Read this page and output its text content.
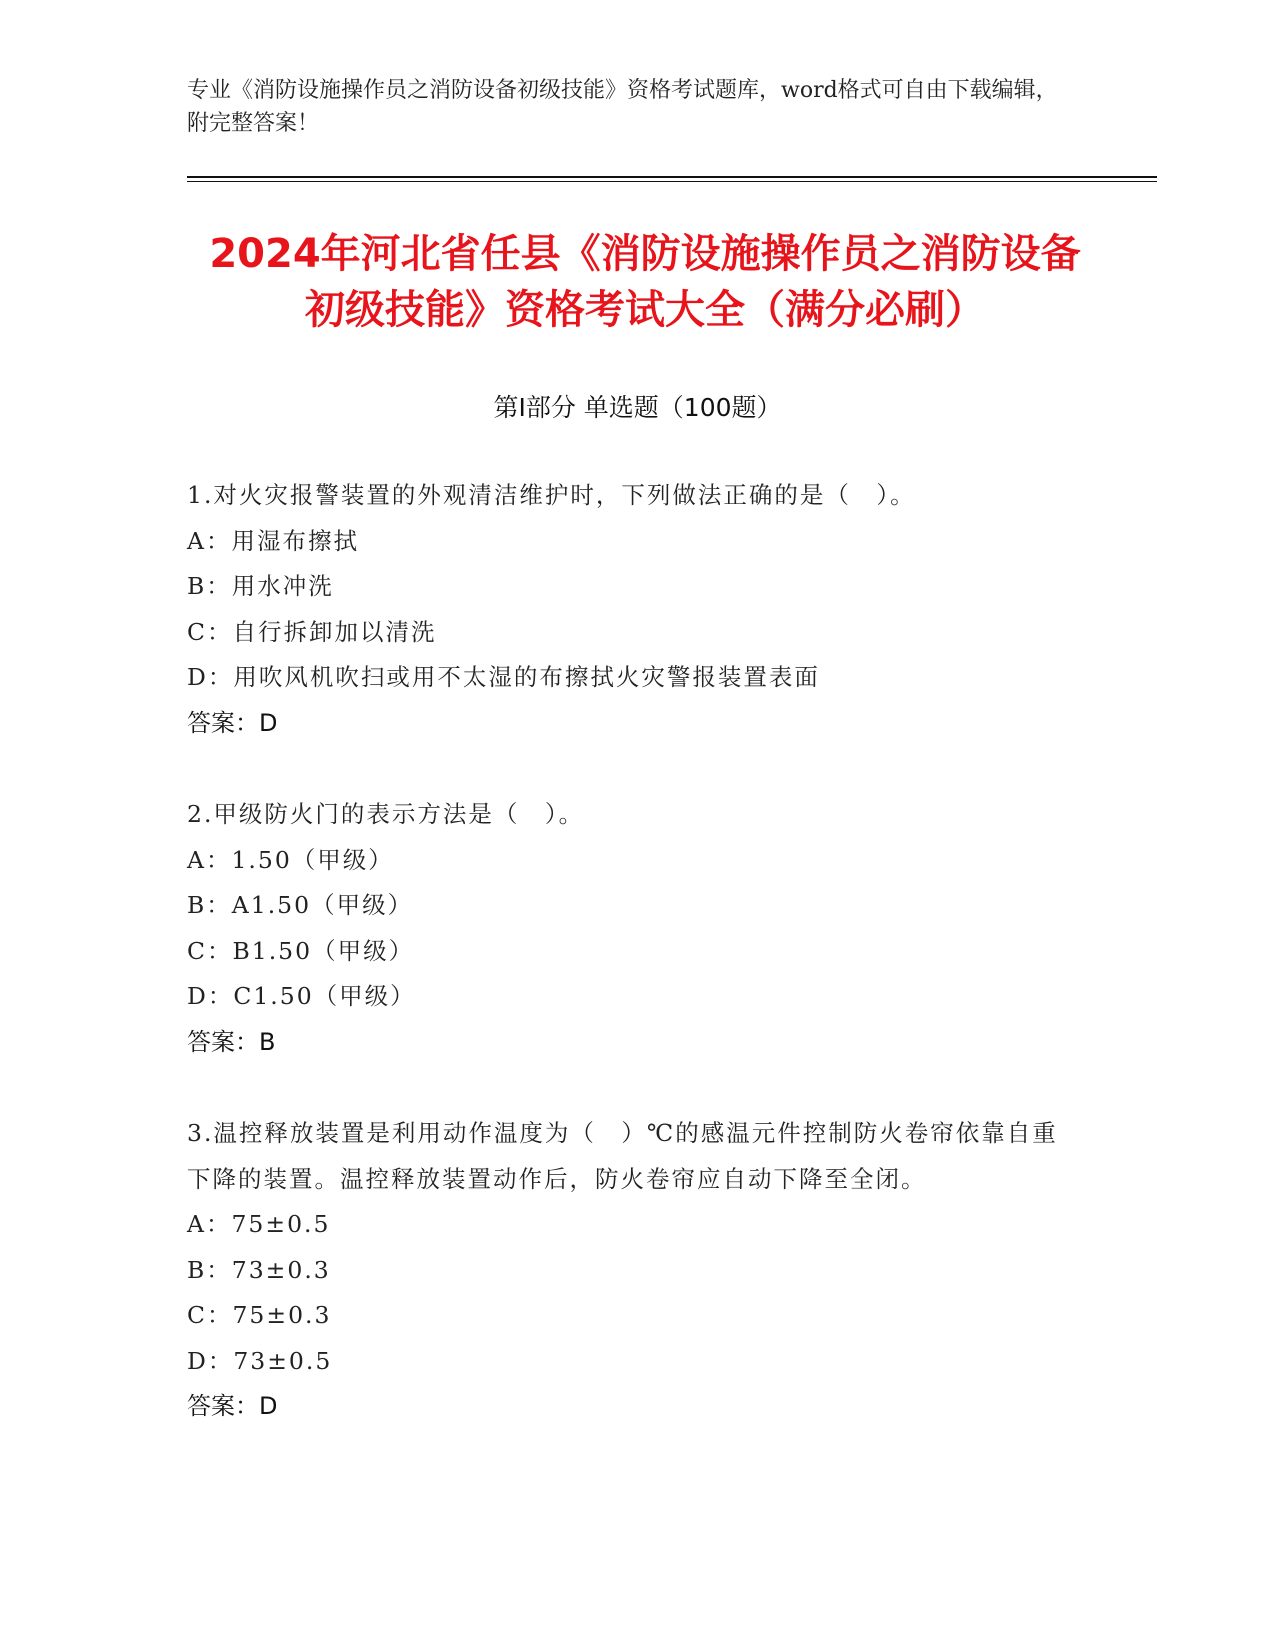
专业《消防设施操作员之消防设备初级技能》资格考试题库，word格式可自由下载编辑，附完整答案！

2024年河北省任县《消防设施操作员之消防设备初级技能》资格考试大全（满分必刷）
第Ⅰ部分 单选题（100题）

1.对火灾报警装置的外观清洁维护时，下列做法正确的是（　）。

A：用湿布擦拭

B：用水冲洗

C：自行拆卸加以清洗

D：用吹风机吹扫或用不太湿的布擦拭火灾警报装置表面

答案：D

2.甲级防火门的表示方法是（　）。

A：1.50（甲级）

B：A1.50（甲级）

C：B1.50（甲级）

D：C1.50（甲级）

答案：B

3.温控释放装置是利用动作温度为（　）℃的感温元件控制防火卷帘依靠自重下降的装置。温控释放装置动作后，防火卷帘应自动下降至全闭。

A：75±0.5

B：73±0.3

C：75±0.3

D：73±0.5

答案：D
